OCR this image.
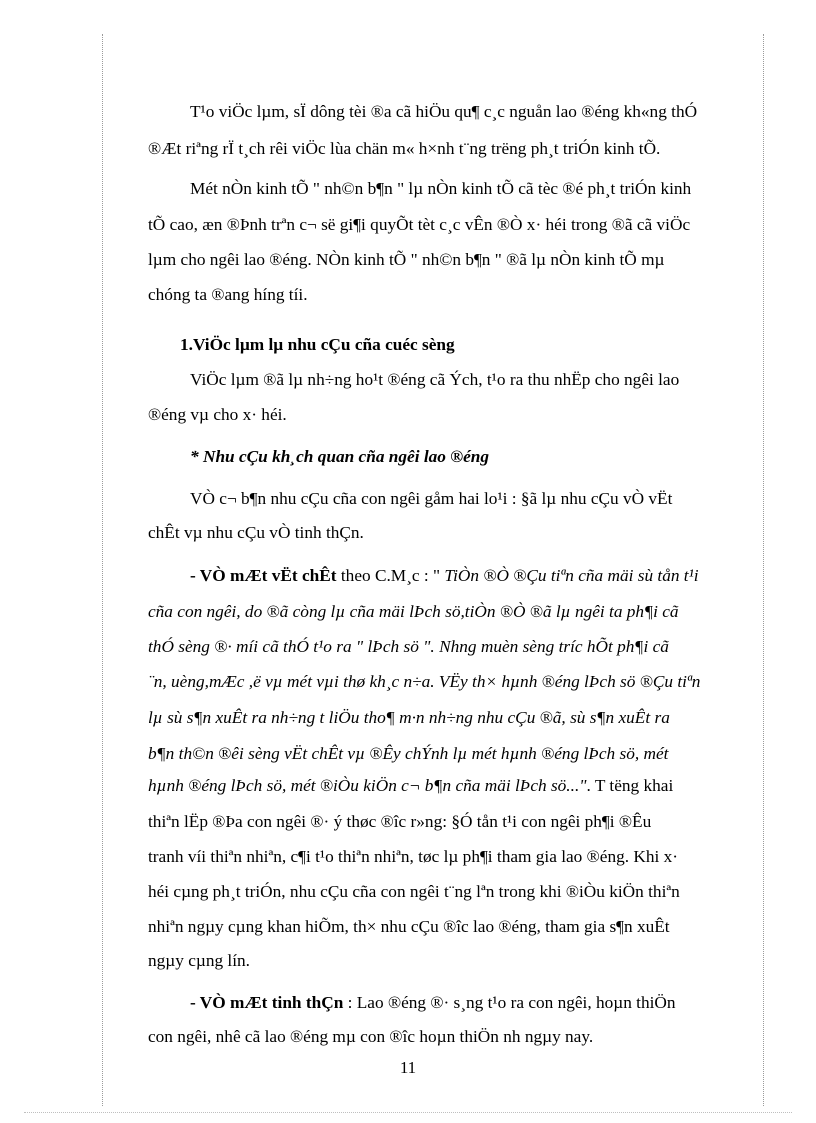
T¹o viÖc lµm, sÏ dông tèi ®a cã hiÖu qu¶ c¸c nguån lao ®éng kh«ng thÓ
®Æt riªng rÏ t¸ch rêi viÖc lùa chän m« h×nh t¨ng trëng ph¸t triÓn kinh tÕ.
Mét nÒn kinh tÕ " nh©n b¶n " lµ nÒn kinh tÕ cã tèc ®é ph¸t triÓn kinh
tÕ cao, æn ®Þnh trªn c¬ së gi¶i quyÕt tèt c¸c vÊn ®Ò x· héi trong ®ã cã viÖc
lµm cho ngêi lao ®éng. NÒn kinh tÕ " nh©n b¶n " ®ã lµ nÒn kinh tÕ mµ
chóng ta ®ang híng tíi.
1.ViÖc lµm lµ nhu cÇu cña cuéc sèng
ViÖc lµm ®ã lµ nh÷ng ho¹t ®éng cã Ých, t¹o ra thu nhËp cho ngêi lao
®éng vµ cho x· héi.
* Nhu cÇu kh¸ch quan cña ngêi lao ®éng
VÒ c¬ b¶n nhu cÇu cña con ngêi gåm hai lo¹i : §ã lµ nhu cÇu vÒ vËt
chÊt vµ nhu cÇu vÒ tinh thÇn.
- VÒ mÆt vËt chÊt theo C.M¸c : " TiÒn ®Ò ®Çu tiªn cña mäi sù tån t¹i
cña con ngêi, do ®ã còng lµ cña mäi lÞch sö,tiÒn ®Ò ®ã lµ ngêi ta ph¶i cã
thÓ sèng ®· míi cã thÓ t¹o ra " lÞch sö ". Nhng muèn sèng tríc hÕt ph¶i cã
¨n, uèng,mÆc ,ë vµ mét vµi thø kh¸c n÷a. VËy th× hµnh ®éng lÞch sö ®Çu tiªn
lµ sù s¶n xuÊt ra nh÷ng t liÖu tho¶ m·n nh÷ng nhu cÇu ®ã, sù s¶n xuÊt ra
b¶n th©n ®êi sèng vËt chÊt vµ ®Êy chÝnh lµ mét hµnh ®éng lÞch sö, mét
hµnh ®éng lÞch sö, mét ®iÒu kiÖn c¬ b¶n cña mäi lÞch sö...". T tëng khai
thiªn lËp ®Þa con ngêi ®· ý thøc ®îc r»ng: §Ó tån t¹i con ngêi ph¶i ®Êu
tranh víi thiªn nhiªn, c¶i t¹o thiªn nhiªn, tøc lµ ph¶i tham gia lao ®éng. Khi x·
héi cµng ph¸t triÓn, nhu cÇu cña con ngêi t¨ng lªn trong khi ®iÒu kiÖn thiªn
nhiªn ngµy cµng khan hiÕm, th× nhu cÇu ®îc lao ®éng, tham gia s¶n xuÊt
ngµy cµng lín.
- VÒ mÆt tinh thÇn : Lao ®éng ®· s¸ng t¹o ra con ngêi, hoµn thiÖn
con ngêi, nhê cã lao ®éng mµ con ®îc hoµn thiÖn nh ngµy nay.
11
